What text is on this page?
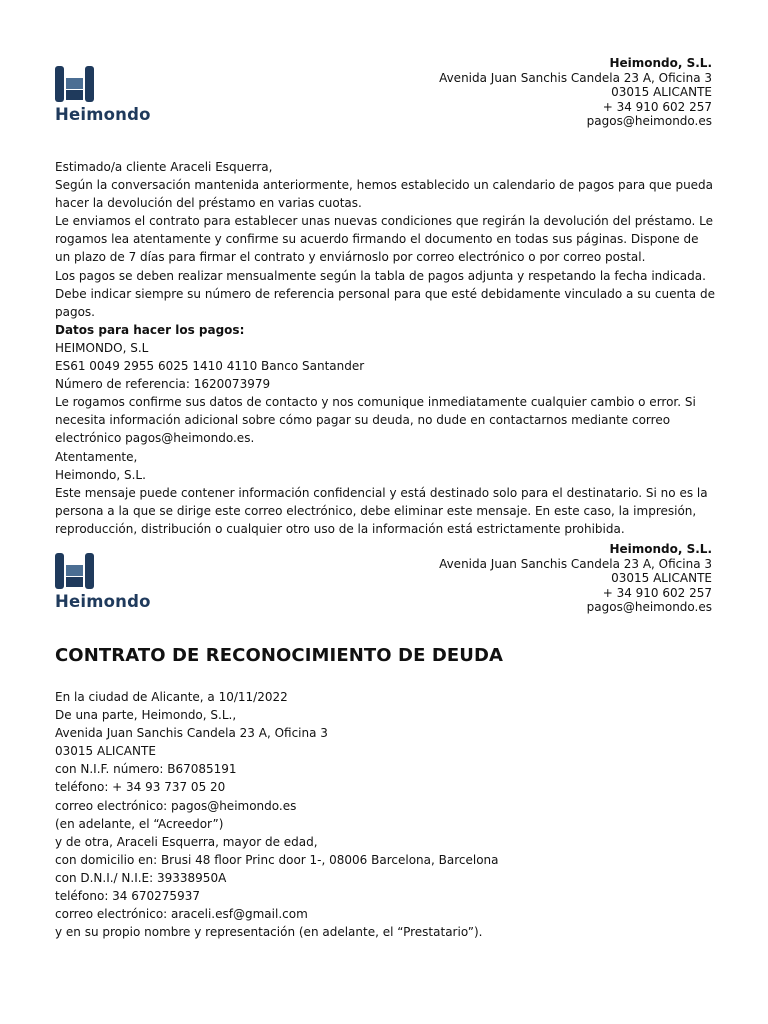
Heimondo
Heimondo, S.L.
Avenida Juan Sanchis Candela 23 A, Oficina 3
03015 ALICANTE
+ 34 910 602 257
pagos@heimondo.es

Estimado/a cliente Araceli Esquerra,

Según la conversación mantenida anteriormente, hemos establecido un calendario de pagos para que pueda hacer la devolución del préstamo en varias cuotas.

Le enviamos el contrato para establecer unas nuevas condiciones que regirán la devolución del préstamo. Le rogamos lea atentamente y confirme su acuerdo firmando el documento en todas sus páginas. Dispone de un plazo de 7 días para firmar el contrato y enviárnoslo por correo electrónico o por correo postal.

Los pagos se deben realizar mensualmente según la tabla de pagos adjunta y respetando la fecha indicada. Debe indicar siempre su número de referencia personal para que esté debidamente vinculado a su cuenta de pagos.

Datos para hacer los pagos:

HEIMONDO, S.L

ES61 0049 2955 6025 1410 4110 Banco Santander

Número de referencia: 1620073979

Le rogamos confirme sus datos de contacto y nos comunique inmediatamente cualquier cambio o error. Si necesita información adicional sobre cómo pagar su deuda, no dude en contactarnos mediante correo electrónico pagos@heimondo.es.

Atentamente,

Heimondo, S.L.

Este mensaje puede contener información confidencial y está destinado solo para el destinatario. Si no es la persona a la que se dirige este correo electrónico, debe eliminar este mensaje. En este caso, la impresión, reproducción, distribución o cualquier otro uso de la información está estrictamente prohibida.

Heimondo
Heimondo, S.L.
Avenida Juan Sanchis Candela 23 A, Oficina 3
03015 ALICANTE
+ 34 910 602 257
pagos@heimondo.es
CONTRATO DE RECONOCIMIENTO DE DEUDA

En la ciudad de Alicante, a 10/11/2022

De una parte, Heimondo, S.L.,

Avenida Juan Sanchis Candela 23 A, Oficina 3

03015 ALICANTE

con N.I.F. número: B67085191

teléfono: + 34 93 737 05 20

correo electrónico: pagos@heimondo.es

(en adelante, el “Acreedor”)

y de otra, Araceli Esquerra, mayor de edad,

con domicilio en: Brusi 48 floor Princ door 1-, 08006 Barcelona, Barcelona

con D.N.I./ N.I.E: 39338950A

teléfono: 34 670275937

correo electrónico: araceli.esf@gmail.com

y en su propio nombre y representación (en adelante, el “Prestatario”).
